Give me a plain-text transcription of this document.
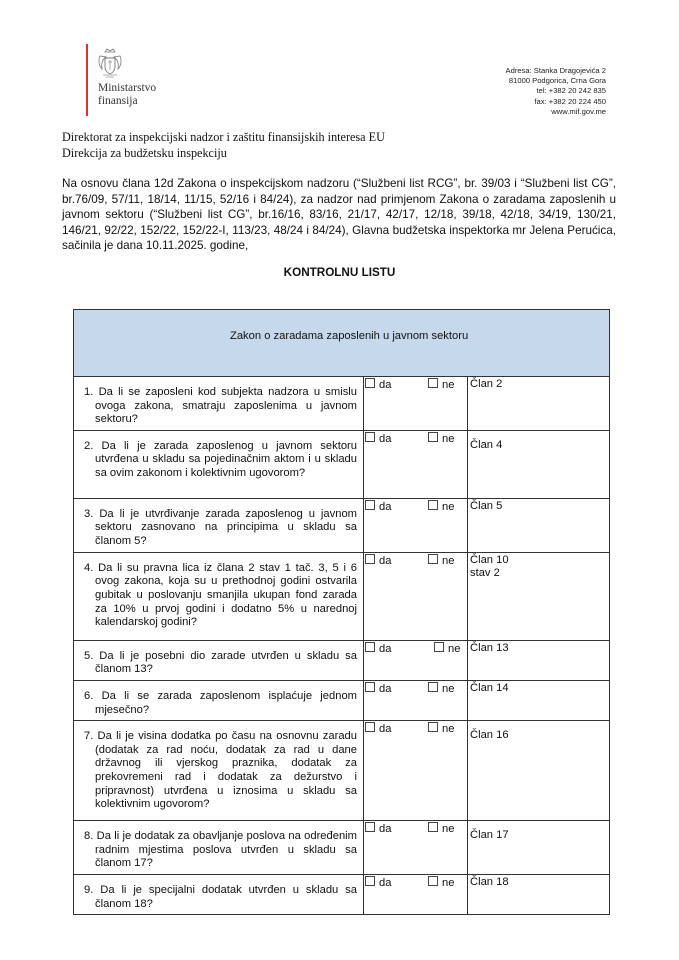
Ministarstvo
finansija
Adresa: Stanka Dragojevića 2
81000 Podgorica, Crna Gora
tel: +382 20 242 835
fax: +382 20 224 450
www.mif.gov.me
Direktorat za inspekcijski nadzor i zaštitu finansijskih interesa EU
Direkcija za budžetsku inspekciju
Na osnovu člana 12d Zakona o inspekcijskom nadzoru (“Službeni list RCG”, br. 39/03 i “Službeni list CG”, br.76/09, 57/11, 18/14, 11/15, 52/16 i 84/24), za nadzor nad primjenom Zakona o zaradama zaposlenih u javnom sektoru (“Službeni list CG”, br.16/16, 83/16, 21/17, 42/17, 12/18, 39/18, 42/18, 34/19, 130/21, 146/21, 92/22, 152/22, 152/22-I, 113/23, 48/24 i 84/24), Glavna budžetska inspektorka mr Jelena Perućica, sačinila je dana 10.11.2025. godine,
KONTROLNU LISTU
Zakon o zaradama zaposlenih u javnom sektoru		

1. Da li se zaposleni kod subjekta nadzora u smislu ovoga zakona, smatraju zaposlenima u javnom sektoru?	da ne	Član 2

2. Da li je zarada zaposlenog u javnom sektoru utvrđena u skladu sa pojedinačnim aktom i u skladu sa ovim zakonom i kolektivnim ugovorom?	da ne	Član 4

3. Da li je utvrđivanje zarada zaposlenog u javnom sektoru zasnovano na principima u skladu sa članom 5?	da ne	Član 5

4. Da li su pravna lica iz člana 2 stav 1 tač. 3, 5 i 6 ovog zakona, koja su u prethodnoj godini ostvarila gubitak u poslovanju smanjila ukupan fond zarada za 10% u prvoj godini i dodatno 5% u narednoj kalendarskoj godini?	da ne	Član 10 stav 2

5. Da li je posebni dio zarade utvrđen u skladu sa članom 13?	da ne	Član 13

6. Da li se zarada zaposlenom isplaćuje jednom mjesečno?	da ne	Član 14

7. Da li je visina dodatka po času na osnovnu zaradu (dodatak za rad noću, dodatak za rad u dane državnog ili vjerskog praznika, dodatak za prekovremeni rad i dodatak za dežurstvo i pripravnost) utvrđena u iznosima u skladu sa kolektivnim ugovorom?	da ne	Član 16

8. Da li je dodatak za obavljanje poslova na određenim radnim mjestima poslova utvrđen u skladu sa članom 17?	da ne	Član 17

9. Da li je specijalni dodatak utvrđen u skladu sa članom 18?	da ne	Član 18
